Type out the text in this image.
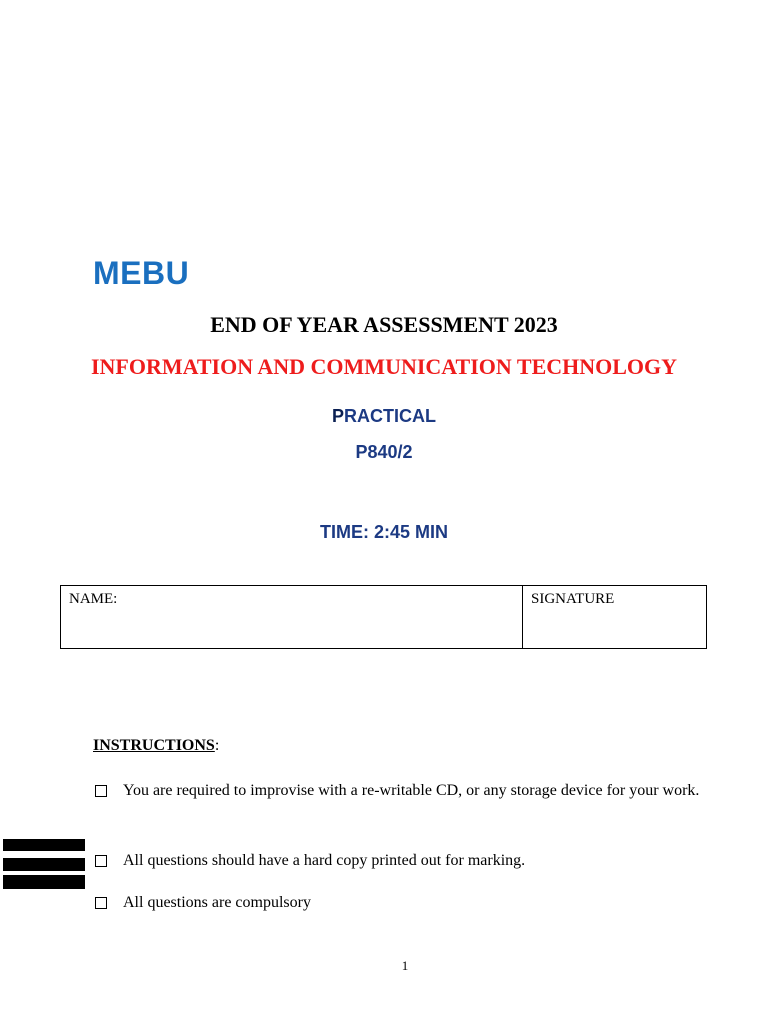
MEBU
END OF YEAR ASSESSMENT 2023
INFORMATION AND COMMUNICATION TECHNOLOGY
PRACTICAL
P840/2
TIME: 2:45 MIN
NAME:	SIGNATURE
INSTRUCTIONS:
You are required to improvise with a re-writable CD, or any storage device for your work.
All questions should have a hard copy printed out for marking.
All questions are compulsory
1
